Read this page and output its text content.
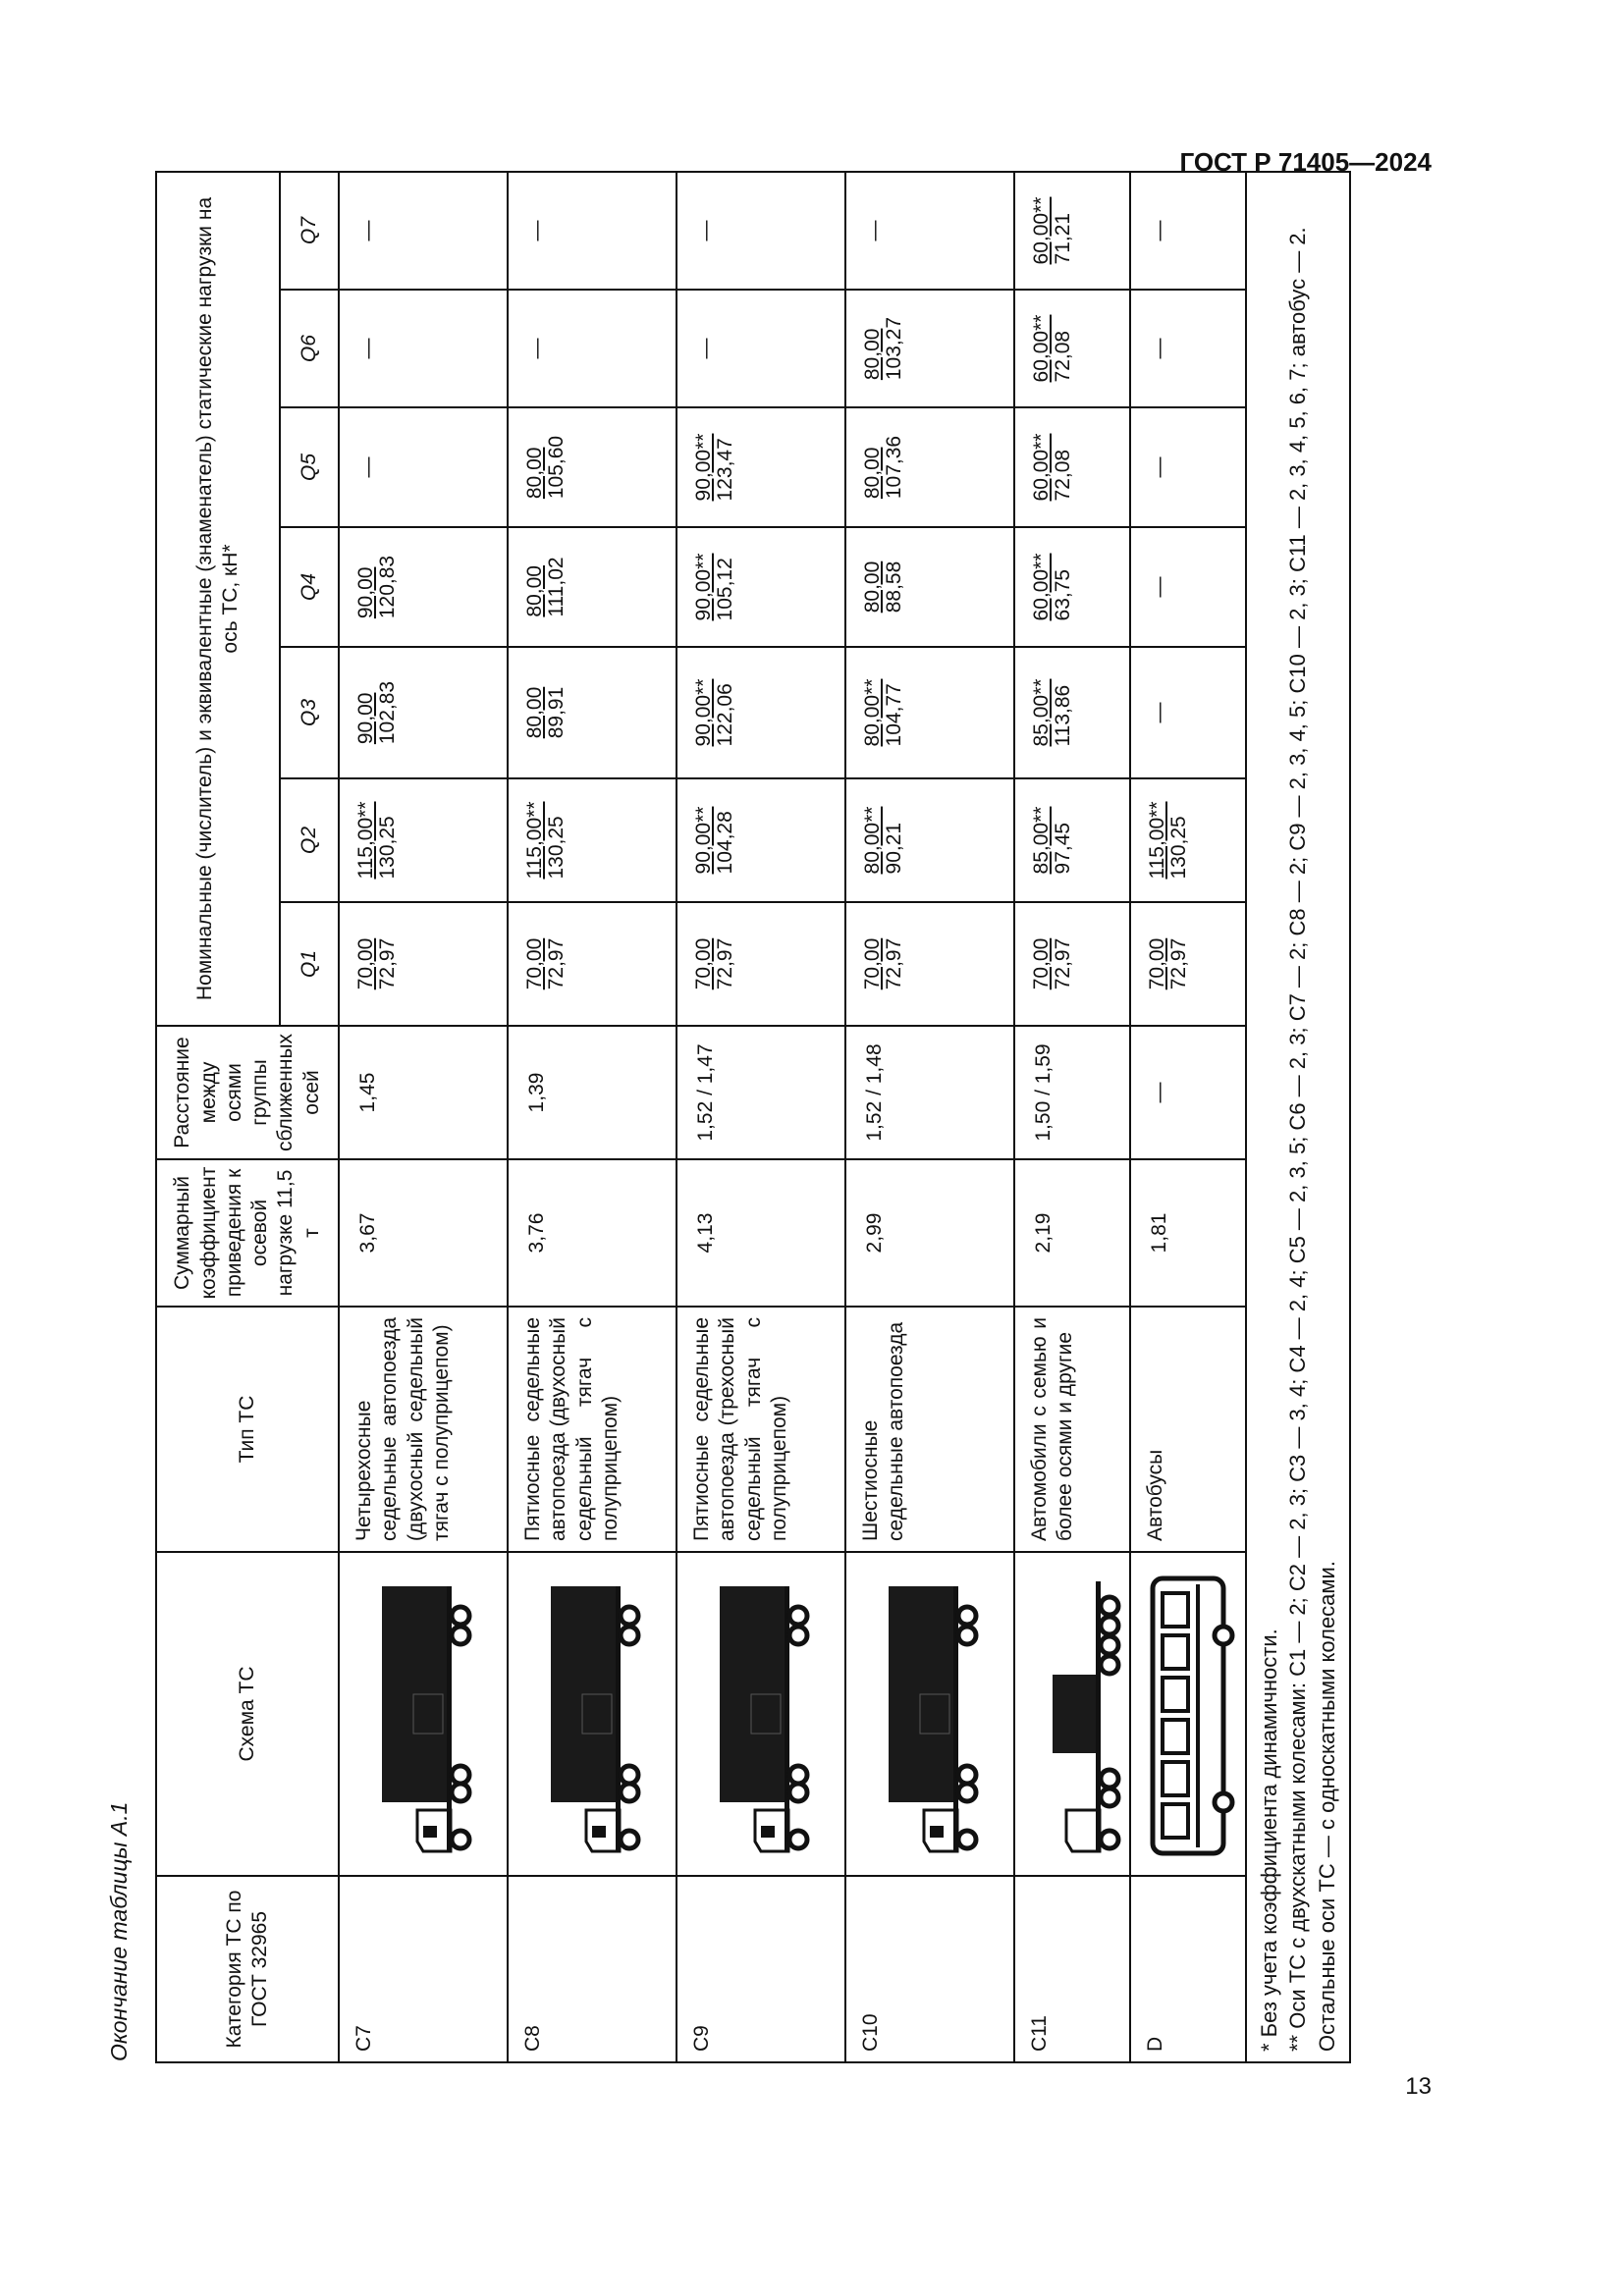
ГОСТ Р 71405—2024
13
Окончание таблицы А.1	Категория ТС по ГОСТ 32965	Схема ТС	Тип ТС	Суммарный коэффициент приведения к осевой нагрузке 11,5 т	Расстояние между осями группы сближенных осей	Номинальные (числитель) и эквивалентные (знаменатель) статические нагрузки на ось ТС, кН*						
					Q1	Q2	Q3	Q4	Q5	Q6	Q7
С7		Четырехосные седельные автопоезда (двухосный седельный тягач с полуприцепом)	3,67	1,45	70,00 72,97	115,00** 130,25	90,00 102,83	90,00 120,83	—	—	—
С8		Пятиосные седельные автопоезда (двухосный седельный тягач с полуприцепом)	3,76	1,39	70,00 72,97	115,00** 130,25	80,00 89,91	80,00 111,02	80,00 105,60	—	—
С9		Пятиосные седельные автопоезда (трехосный седельный тягач с полуприцепом)	4,13	1,52 / 1,47	70,00 72,97	90,00** 104,28	90,00** 122,06	90,00** 105,12	90,00** 123,47	—	—
С10		Шестиосные седельные автопоезда	2,99	1,52 / 1,48	70,00 72,97	80,00** 90,21	80,00** 104,77	80,00 88,58	80,00 107,36	80,00 103,27	—
С11		Автомобили с семью и более осями и другие	2,19	1,50 / 1,59	70,00 72,97	85,00** 97,45	85,00** 113,86	60,00** 63,75	60,00** 72,08	60,00** 72,08	60,00** 71,21

D		Автобусы	1,81	—	70,00 72,97	115,00** 130,25	—	—	—	—	—

* Без учета коэффициента динамичности. ** Оси ТС с двухскатными колесами: С1 — 2; С2 — 2, 3; С3 — 3, 4; С4 — 2, 4; С5 — 2, 3, 5; С6 — 2, 3; С7 — 2; С8 — 2; С9 — 2, 3, 4, 5; С10 — 2, 3; С11 — 2, 3, 4, 5, 6, 7; автобус — 2. Остальные оси ТС — с односкатными колесами.											
